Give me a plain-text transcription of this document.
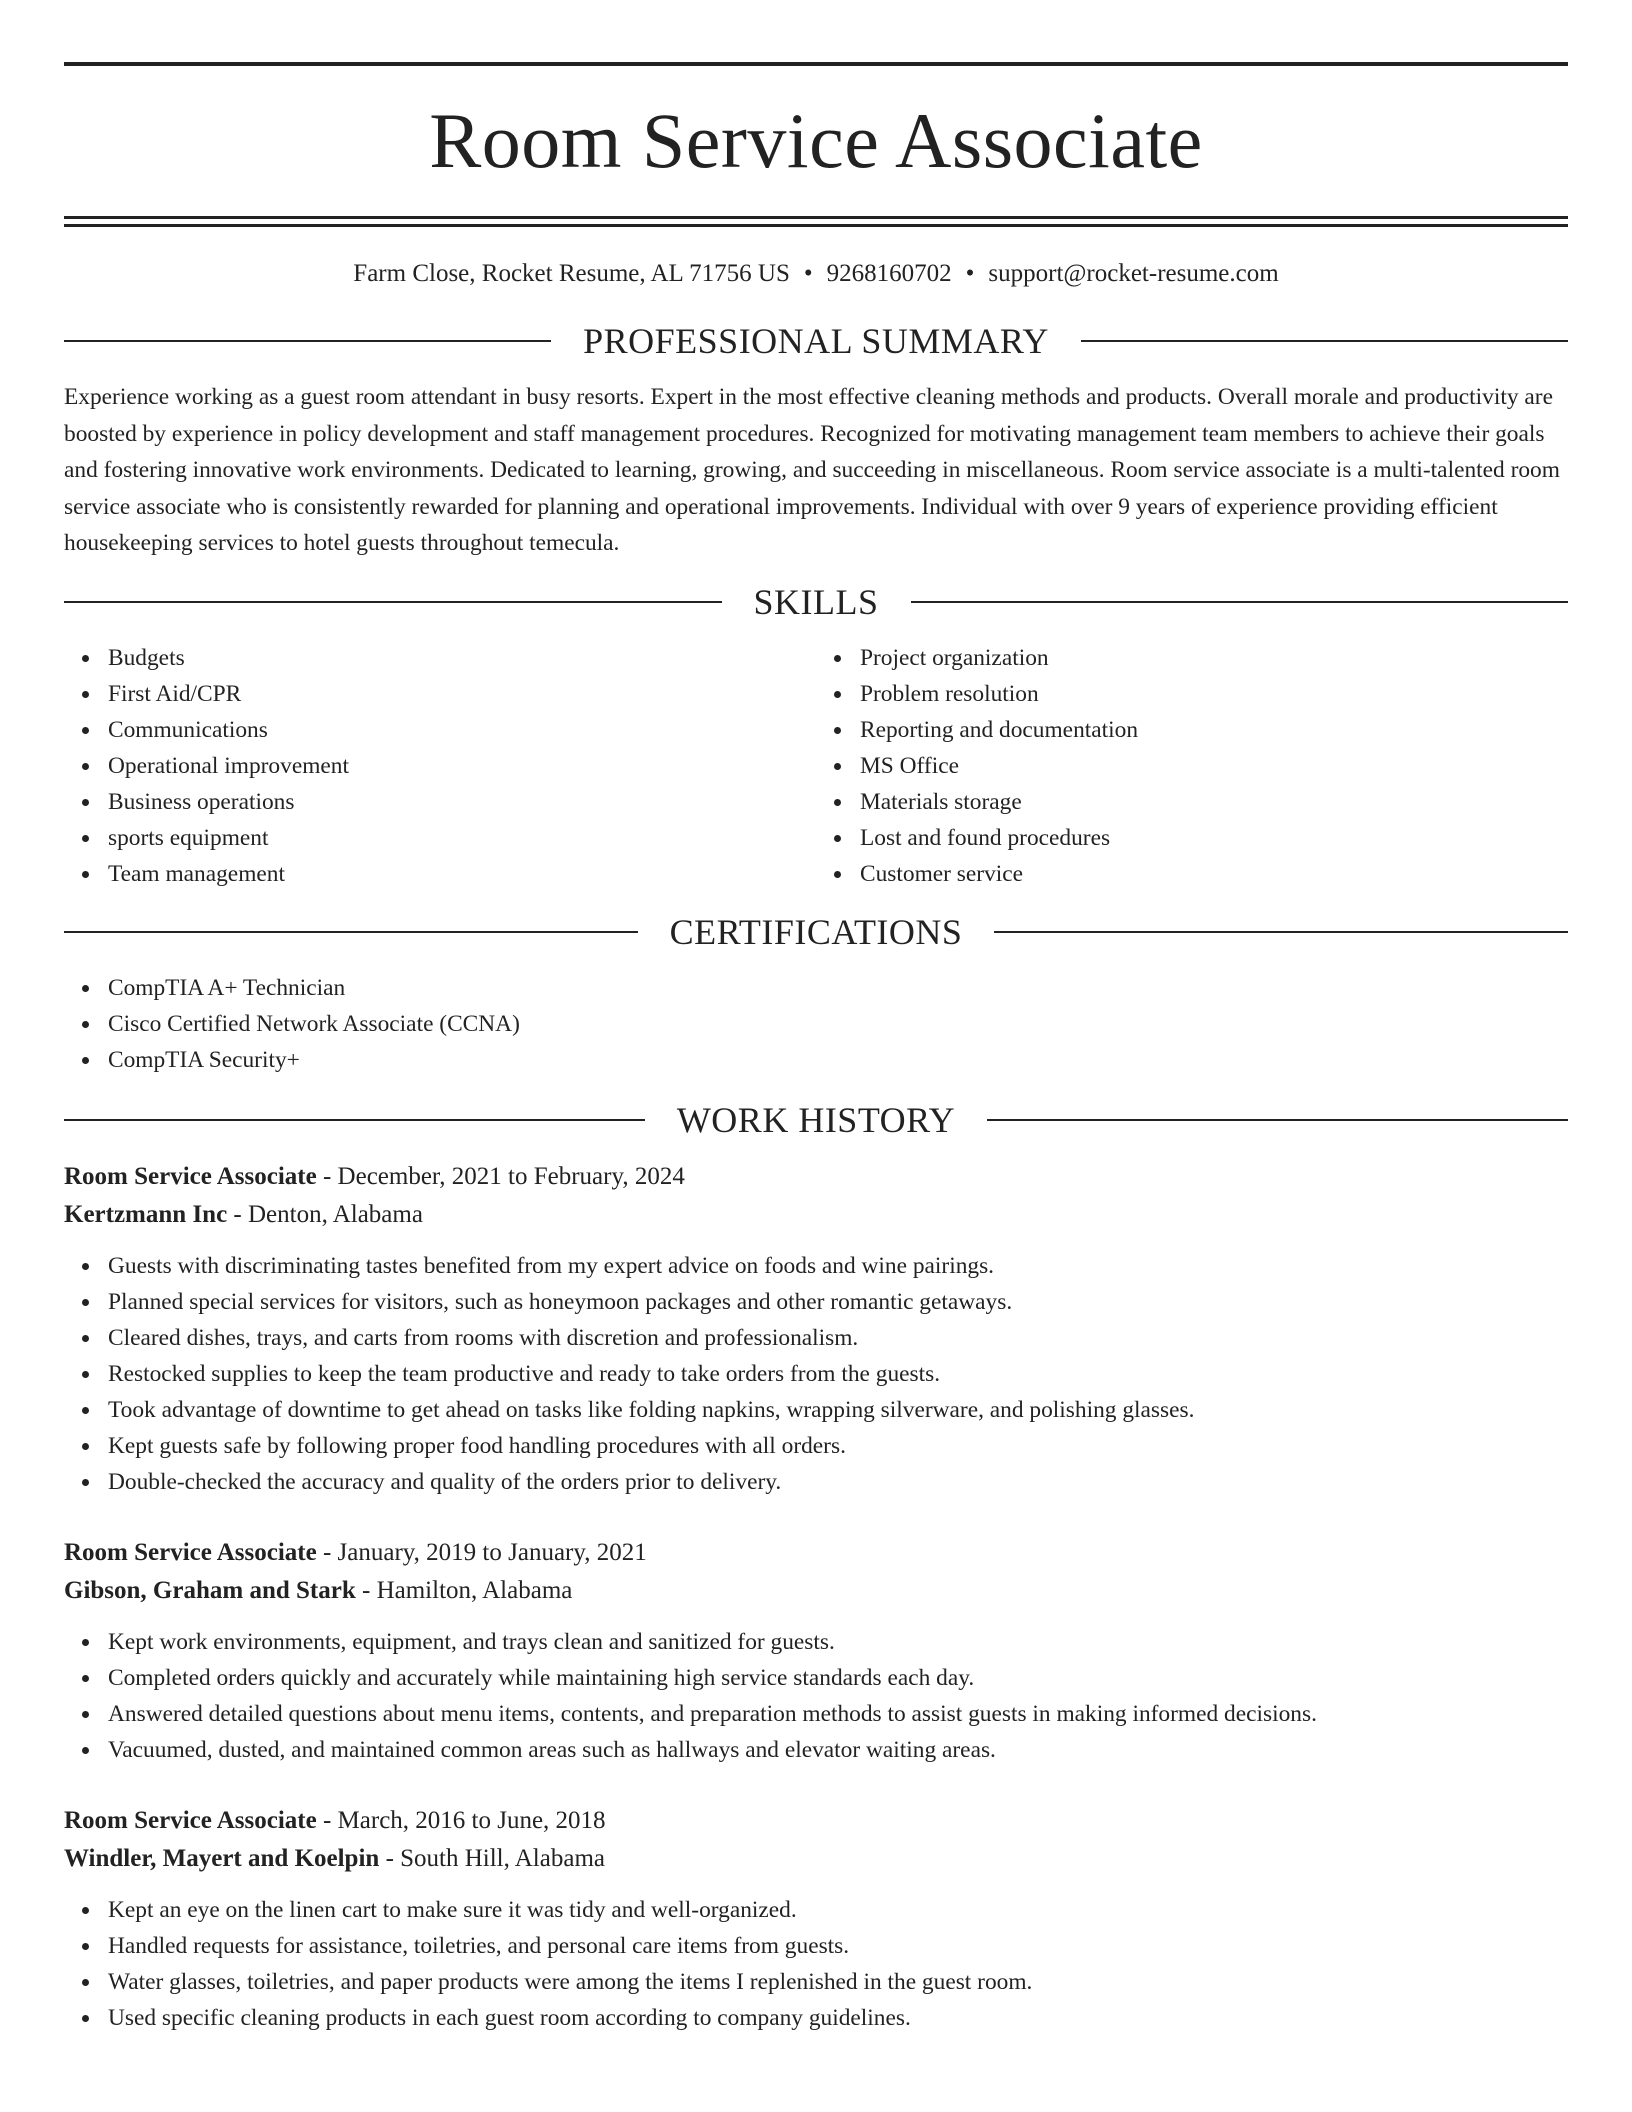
Room Service Associate
Farm Close, Rocket Resume, AL 71756 US • 9268160702 • support@rocket-resume.com
PROFESSIONAL SUMMARY

Experience working as a guest room attendant in busy resorts. Expert in the most effective cleaning methods and products. Overall morale and productivity are boosted by experience in policy development and staff management procedures. Recognized for motivating management team members to achieve their goals and fostering innovative work environments. Dedicated to learning, growing, and succeeding in miscellaneous. Room service associate is a multi-talented room service associate who is consistently rewarded for planning and operational improvements. Individual with over 9 years of experience providing efficient housekeeping services to hotel guests throughout temecula.

SKILLS
Budgets
First Aid/CPR
Communications
Operational improvement
Business operations
sports equipment
Team management
Project organization
Problem resolution
Reporting and documentation
MS Office
Materials storage
Lost and found procedures
Customer service
CERTIFICATIONS
CompTIA A+ Technician
Cisco Certified Network Associate (CCNA)
CompTIA Security+
WORK HISTORY
Room Service Associate - December, 2021 to February, 2024
Kertzmann Inc - Denton, Alabama
Guests with discriminating tastes benefited from my expert advice on foods and wine pairings.
Planned special services for visitors, such as honeymoon packages and other romantic getaways.
Cleared dishes, trays, and carts from rooms with discretion and professionalism.
Restocked supplies to keep the team productive and ready to take orders from the guests.
Took advantage of downtime to get ahead on tasks like folding napkins, wrapping silverware, and polishing glasses.
Kept guests safe by following proper food handling procedures with all orders.
Double-checked the accuracy and quality of the orders prior to delivery.
Room Service Associate - January, 2019 to January, 2021
Gibson, Graham and Stark - Hamilton, Alabama
Kept work environments, equipment, and trays clean and sanitized for guests.
Completed orders quickly and accurately while maintaining high service standards each day.
Answered detailed questions about menu items, contents, and preparation methods to assist guests in making informed decisions.
Vacuumed, dusted, and maintained common areas such as hallways and elevator waiting areas.
Room Service Associate - March, 2016 to June, 2018
Windler, Mayert and Koelpin - South Hill, Alabama
Kept an eye on the linen cart to make sure it was tidy and well-organized.
Handled requests for assistance, toiletries, and personal care items from guests.
Water glasses, toiletries, and paper products were among the items I replenished in the guest room.
Used specific cleaning products in each guest room according to company guidelines.
